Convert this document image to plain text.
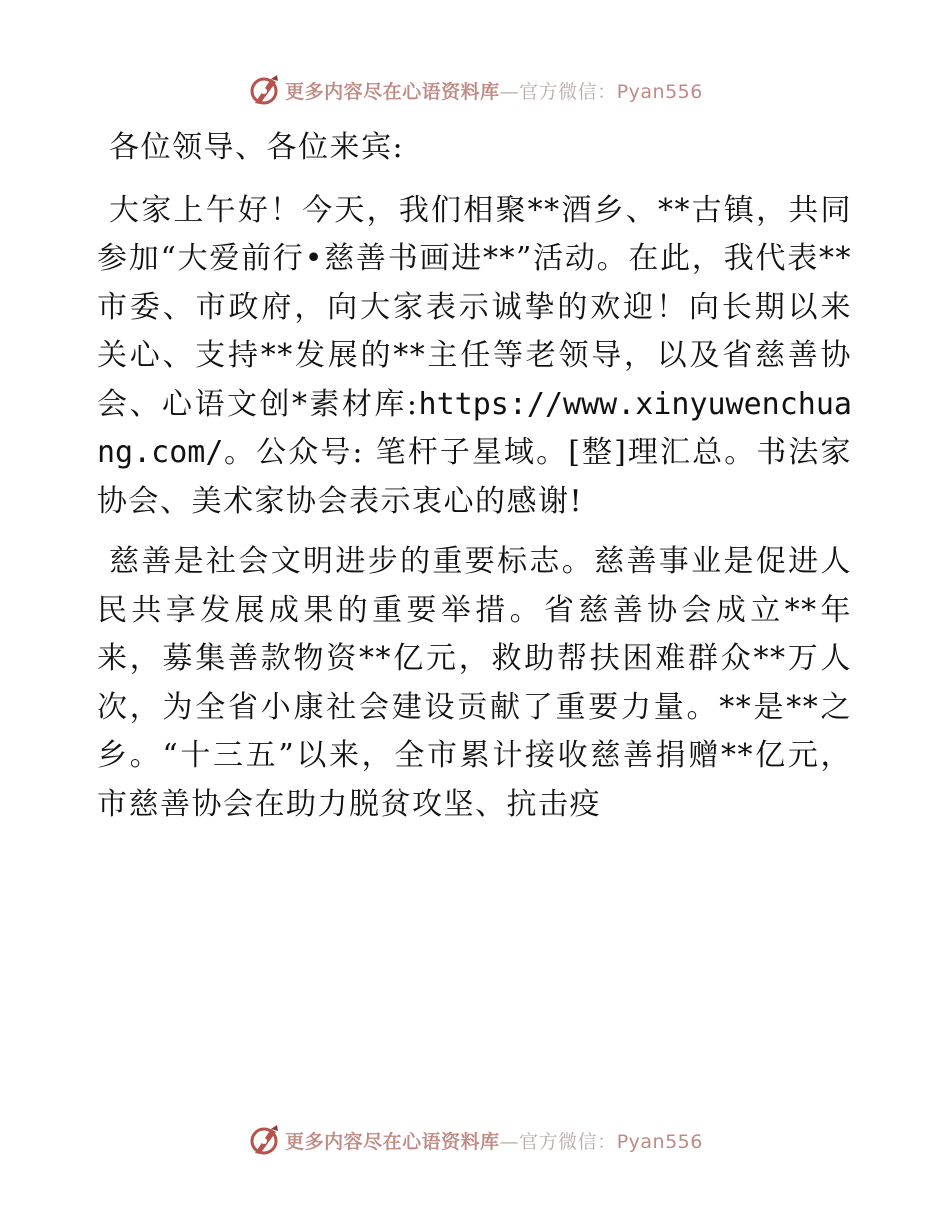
更多内容尽在心语资料库—官方微信：Pyan556

各位领导、各位来宾:

大家上午好！今天，我们相聚**酒乡、**古镇，共同参加“大爱前行•慈善书画进**”活动。在此，我代表**市委、市政府，向大家表示诚挚的欢迎！向长期以来关心、支持**发展的**主任等老领导，以及省慈善协会、心语文创*素材库:https://www.xinyuwenchuang.com/。公众号: 笔杆子星域。[整]理汇总。书法家协会、美术家协会表示衷心的感谢!

慈善是社会文明进步的重要标志。慈善事业是促进人民共享发展成果的重要举措。省慈善协会成立**年来，募集善款物资**亿元，救助帮扶困难群众**万人次，为全省小康社会建设贡献了重要力量。**是**之乡。“十三五”以来，全市累计接收慈善捐赠**亿元，市慈善协会在助力脱贫攻坚、抗击疫

更多内容尽在心语资料库—官方微信：Pyan556
